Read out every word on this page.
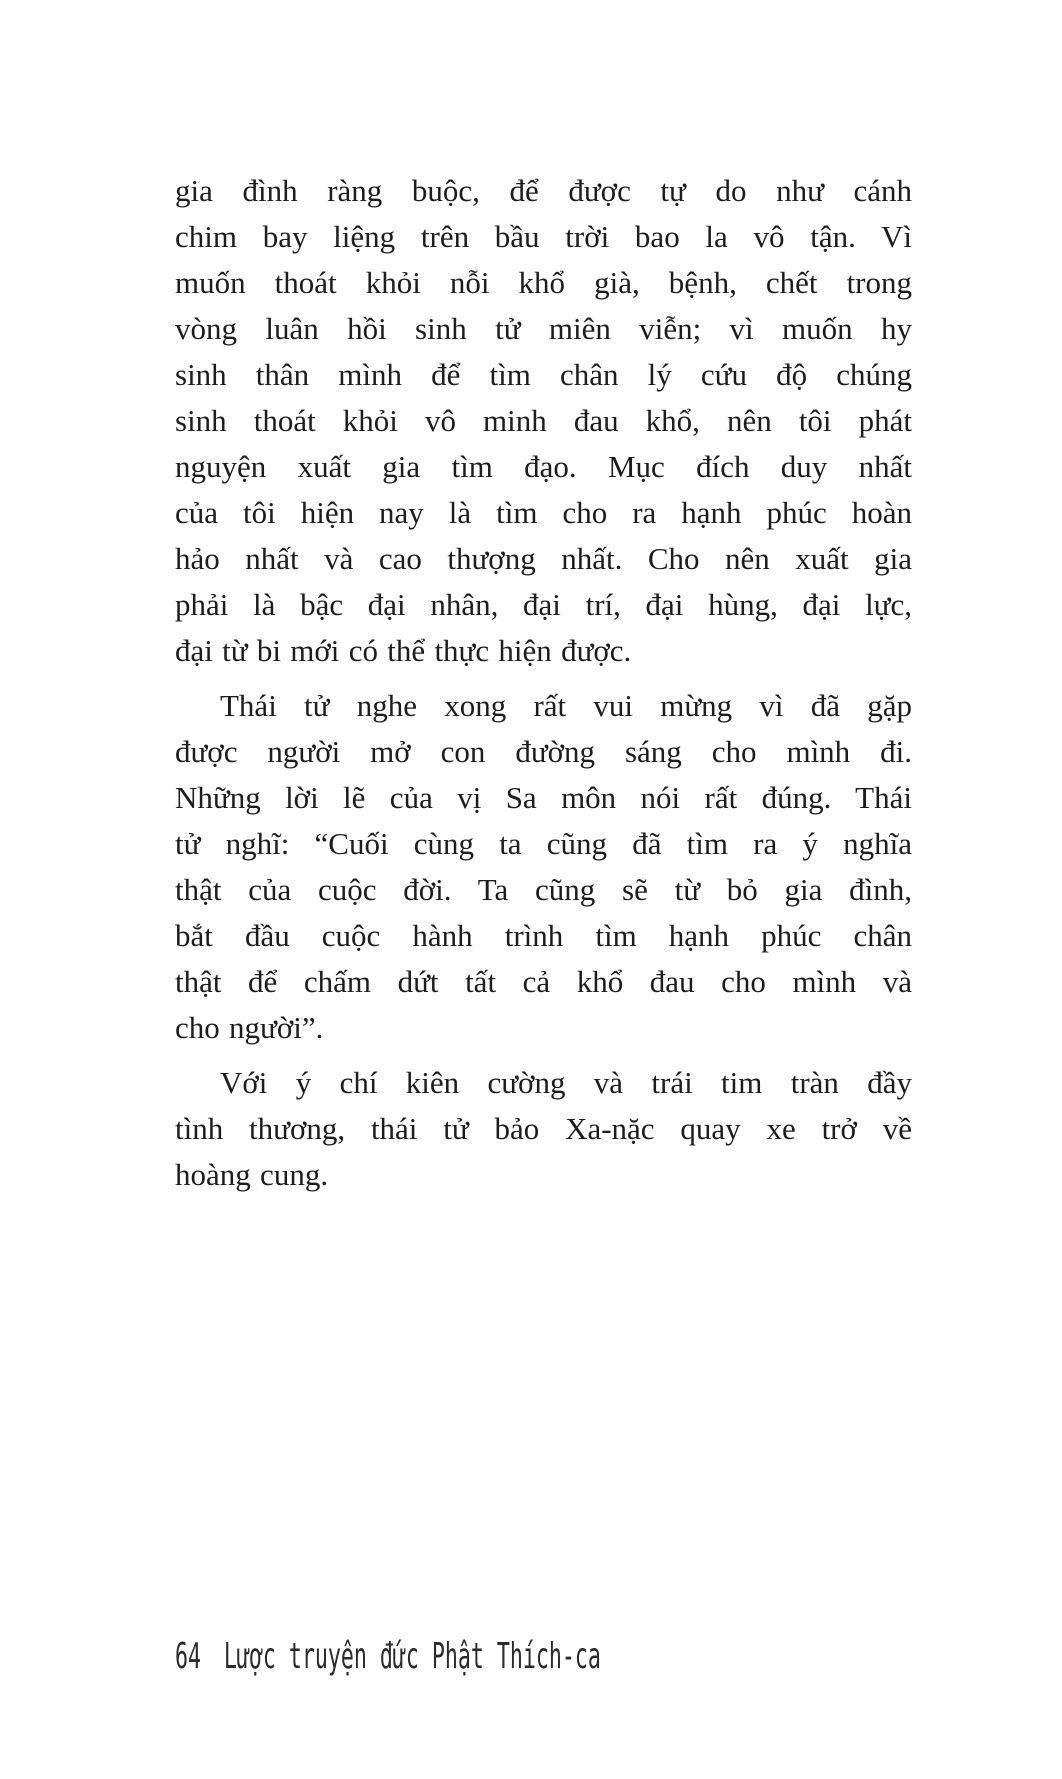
gia đình ràng buộc, để được tự do như cánh
chim bay liệng trên bầu trời bao la vô tận. Vì
muốn thoát khỏi nỗi khổ già, bệnh, chết trong
vòng luân hồi sinh tử miên viễn; vì muốn hy
sinh thân mình để tìm chân lý cứu độ chúng
sinh thoát khỏi vô minh đau khổ, nên tôi phát
nguyện xuất gia tìm đạo. Mục đích duy nhất
của tôi hiện nay là tìm cho ra hạnh phúc hoàn
hảo nhất và cao thượng nhất. Cho nên xuất gia
phải là bậc đại nhân, đại trí, đại hùng, đại lực,
đại từ bi mới có thể thực hiện được.
Thái tử nghe xong rất vui mừng vì đã gặp
được người mở con đường sáng cho mình đi.
Những lời lẽ của vị Sa môn nói rất đúng. Thái
tử nghĩ: “Cuối cùng ta cũng đã tìm ra ý nghĩa
thật của cuộc đời. Ta cũng sẽ từ bỏ gia đình,
bắt đầu cuộc hành trình tìm hạnh phúc chân
thật để chấm dứt tất cả khổ đau cho mình và
cho người”.
Với ý chí kiên cường và trái tim tràn đầy
tình thương, thái tử bảo Xa-nặc quay xe trở về
hoàng cung.
64 Lược truyện đức Phật Thích-ca
